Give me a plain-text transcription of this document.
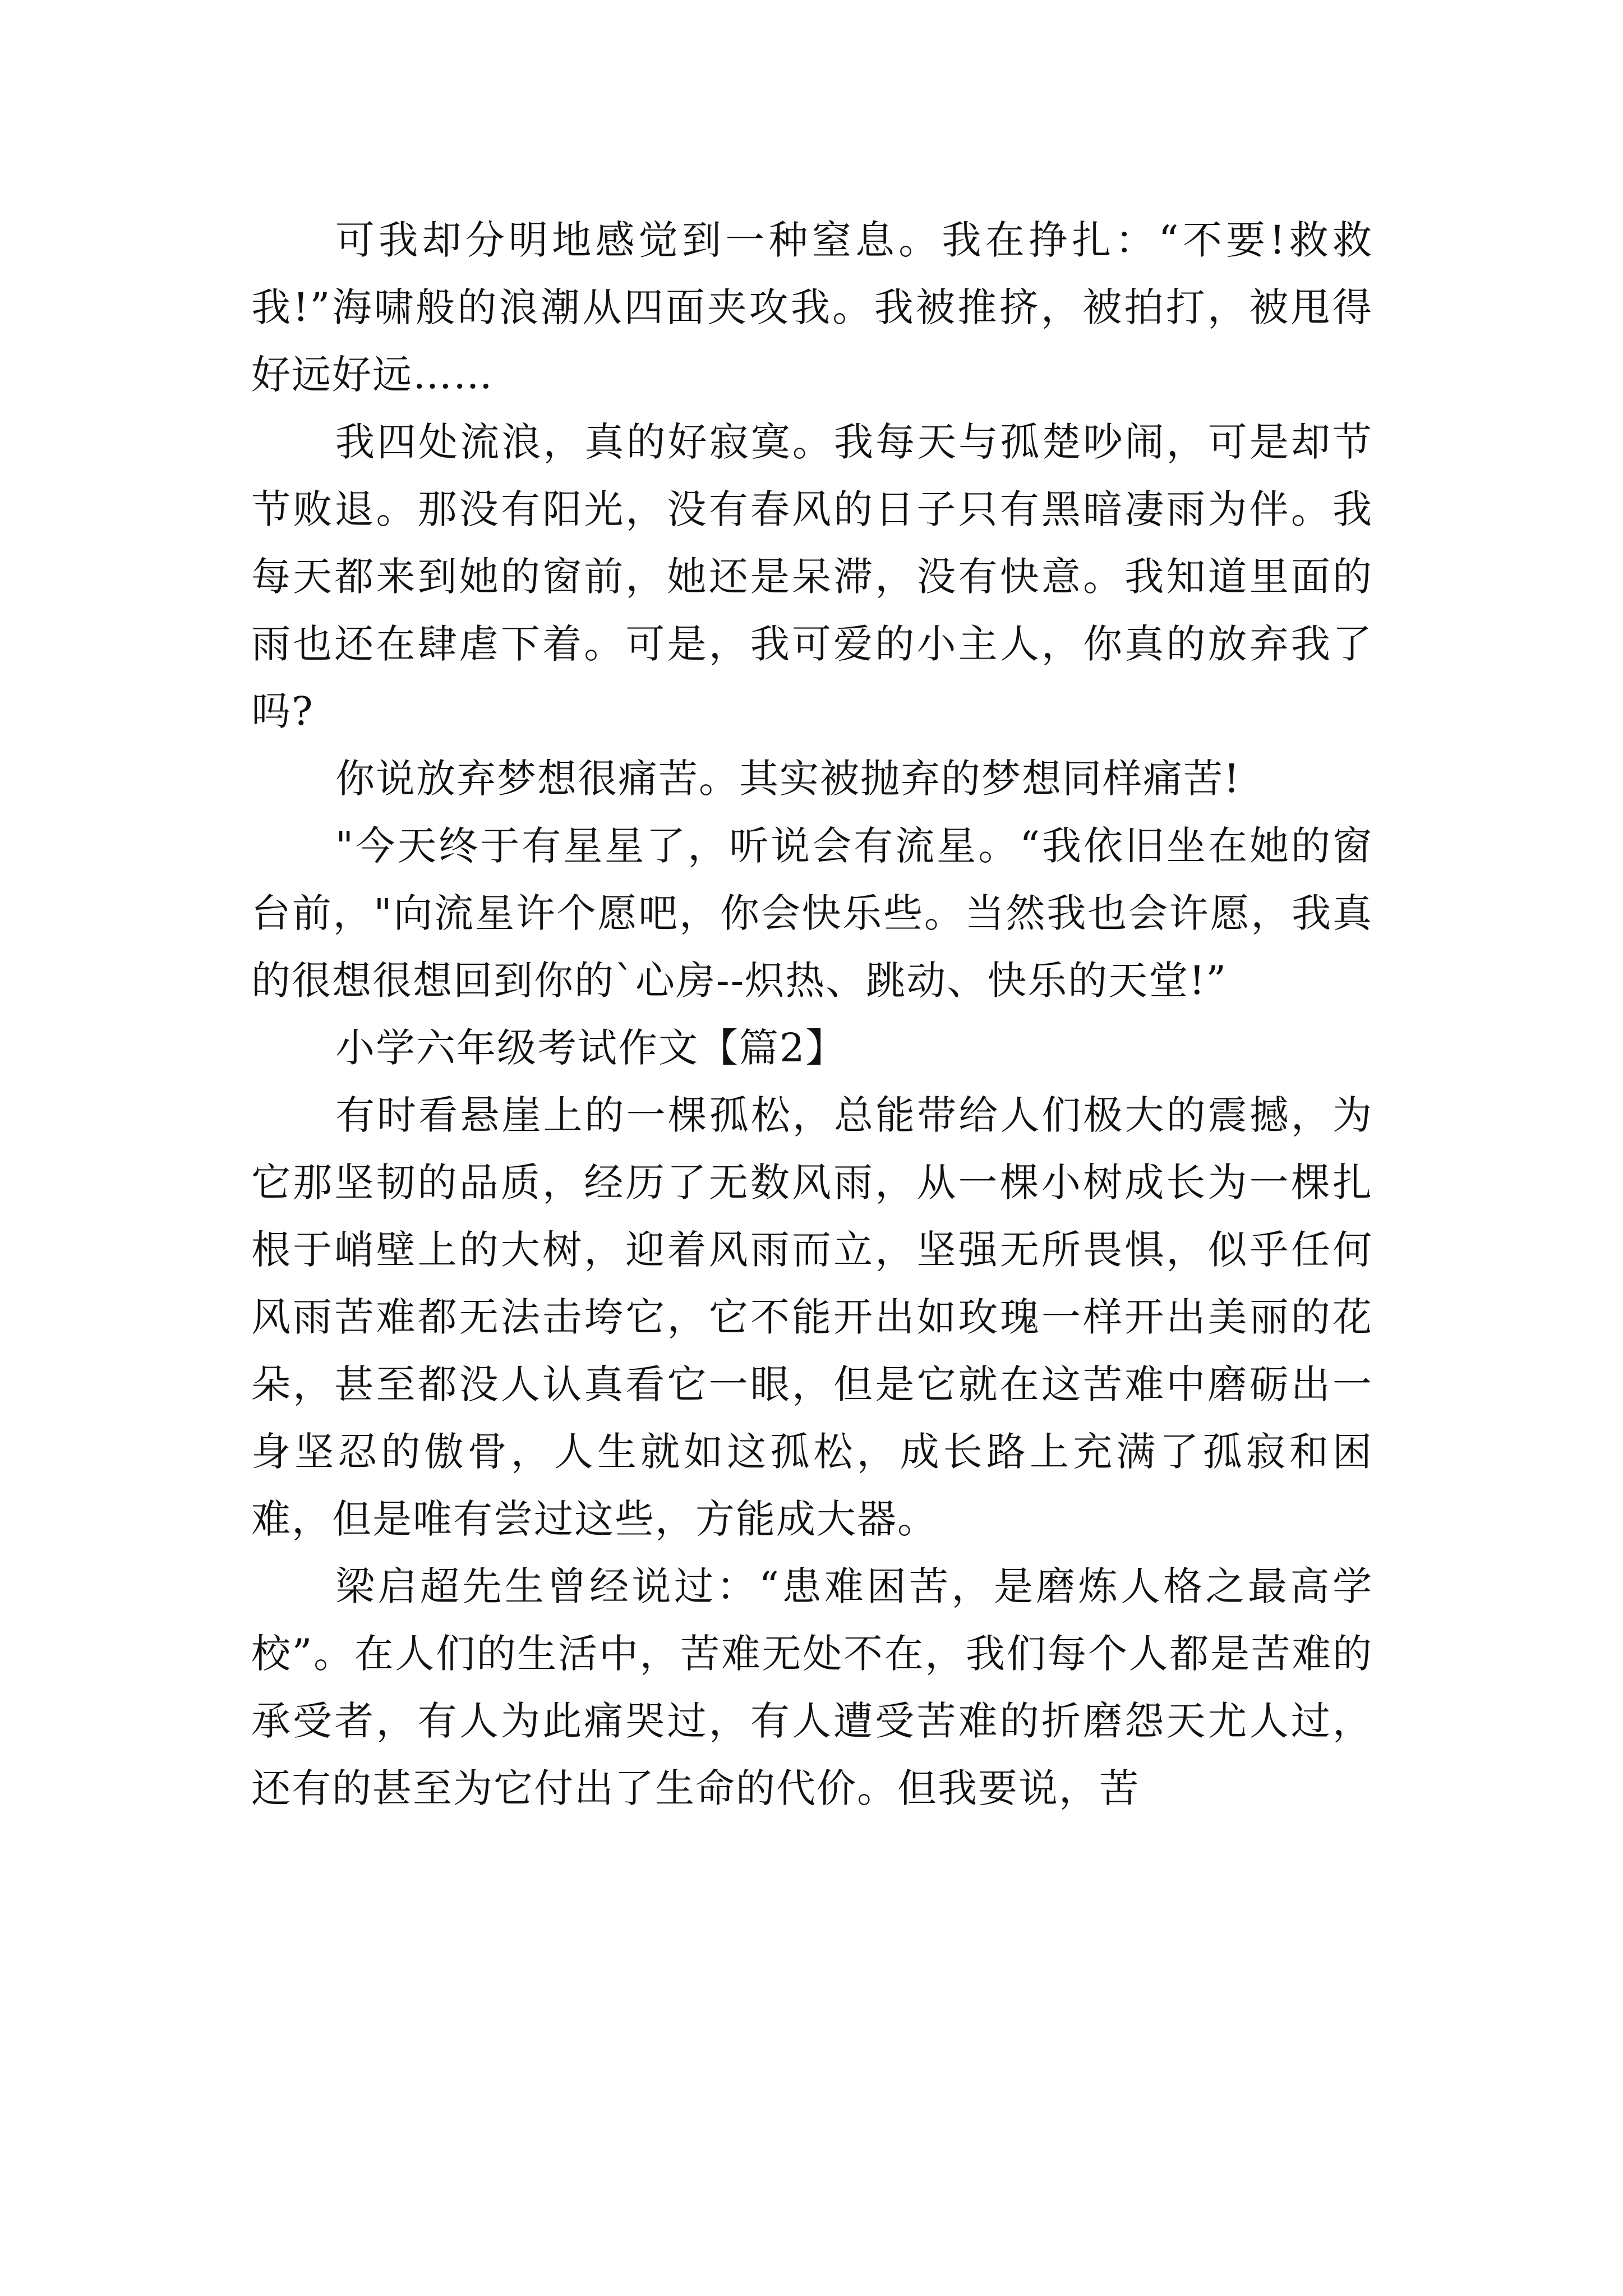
可我却分明地感觉到一种窒息。我在挣扎：“不要!救救我!”海啸般的浪潮从四面夹攻我。我被推挤，被拍打，被甩得好远好远……

我四处流浪，真的好寂寞。我每天与孤楚吵闹，可是却节节败退。那没有阳光，没有春风的日子只有黑暗凄雨为伴。我每天都来到她的窗前，她还是呆滞，没有快意。我知道里面的雨也还在肆虐下着。可是，我可爱的小主人，你真的放弃我了吗?

你说放弃梦想很痛苦。其实被抛弃的梦想同样痛苦!

"今天终于有星星了，听说会有流星。“我依旧坐在她的窗台前，"向流星许个愿吧，你会快乐些。当然我也会许愿，我真的很想很想回到你的`心房--炽热、跳动、快乐的天堂!”

小学六年级考试作文【篇2】

有时看悬崖上的一棵孤松，总能带给人们极大的震撼，为它那坚韧的品质，经历了无数风雨，从一棵小树成长为一棵扎根于峭壁上的大树，迎着风雨而立，坚强无所畏惧，似乎任何风雨苦难都无法击垮它，它不能开出如玫瑰一样开出美丽的花朵，甚至都没人认真看它一眼，但是它就在这苦难中磨砺出一身坚忍的傲骨，人生就如这孤松，成长路上充满了孤寂和困难，但是唯有尝过这些，方能成大器。

梁启超先生曾经说过：“患难困苦，是磨炼人格之最高学校”。在人们的生活中，苦难无处不在，我们每个人都是苦难的承受者，有人为此痛哭过，有人遭受苦难的折磨怨天尤人过，还有的甚至为它付出了生命的代价。但我要说，苦
